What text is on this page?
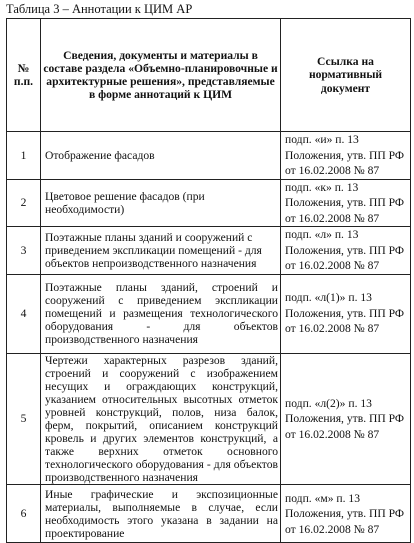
Таблица 3 – Аннотации к ЦИМ АР
№ п.п.	Сведения, документы и материалы в составе раздела «Объемно-планировочные и архитектурные решения», представляемые в форме аннотаций к ЦИМ	Ссылка на нормативный документ
1	Отображение фасадов	подп. «и» п. 13 Положения, утв. ПП РФ от 16.02.2008 № 87
2	Цветовое решение фасадов (при необходимости)	подп. «к» п. 13 Положения, утв. ПП РФ от 16.02.2008 № 87
3	Поэтажные планы зданий и сооружений с приведением экспликации помещений - для объектов непроизводственного назначения	подп. «л» п. 13 Положения, утв. ПП РФ от 16.02.2008 № 87
4	Поэтажные планы зданий, строений и сооружений с приведением экспликации помещений и размещения технологического оборудования - для объектов производственного назначения	подп. «л(1)» п. 13 Положения, утв. ПП РФ от 16.02.2008 № 87
5	Чертежи характерных разрезов зданий, строений и сооружений с изображением несущих и ограждающих конструкций, указанием относительных высотных отметок уровней конструкций, полов, низа балок, ферм, покрытий, описанием конструкций кровель и других элементов конструкций, а также верхних отметок основного технологического оборудования - для объектов производственного назначения	подп. «л(2)» п. 13 Положения, утв. ПП РФ от 16.02.2008 № 87
6	Иные графические и экспозиционные материалы, выполняемые в случае, если необходимость этого указана в задании на проектирование	подп. «м» п. 13 Положения, утв. ПП РФ от 16.02.2008 № 87
